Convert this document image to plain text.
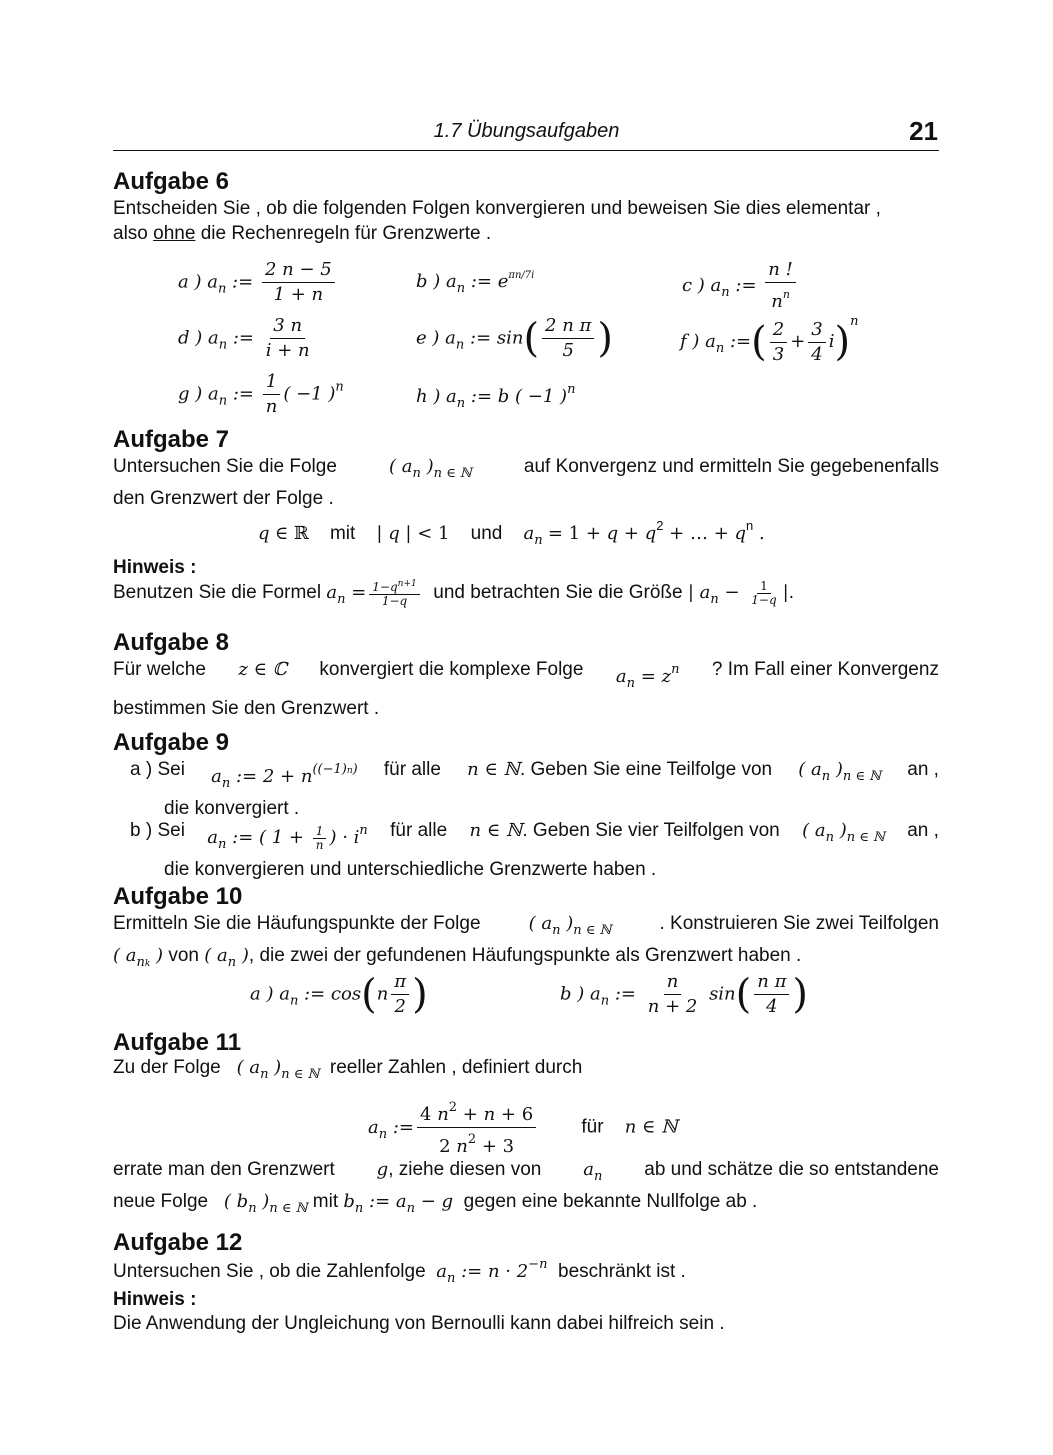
1.7 Übungsaufgaben	21
Aufgabe 6
Entscheiden Sie , ob die folgenden Folgen konvergieren und beweisen Sie dies elementar ,
also ohne die Rechenregeln für Grenzwerte .
a ) $a_n$ := $\frac{2 n - 5}{1 + n}$	b ) $a_n$ := $e^{\pi n/7i}$	c ) $a_n$ := $\frac{n !}{n^n}$
d ) $a_n$ := $\frac{3 n}{i + n}$	e ) $a_n$ := $\sin( \frac{\text{2 n π}}{5}$ )	f ) $a_n$ :=( $\frac{2}{3} + \frac{3}{4} i)^n$
g ) $a_n$ := $\frac{1}{n}$ ( −1 )$^n$	h ) $a_n$ := b ( −1 )$^n$
Aufgabe 7
Untersuchen Sie die Folge	( $a_n$ )$_{n \in ℕ}$	auf Konvergenz und ermitteln Sie gegebenenfalls
den Grenzwert der Folge .
q ∈ ℝ mit | q | < 1 und $a_n = 1 + q + q^2$ + … + $q^n$ .
Hinweis :
Benutzen Sie die Formel $a_n = \frac{1-q^{n+1}}{1-q}$ und betrachten Sie die Größe | $a_n - \frac{1}{1-q}$ |.
Aufgabe 8
Für welche z ∈ ℂ konvergiert die komplexe Folge $a_n = z^n$ ? Im Fall einer Konvergenz
bestimmen Sie den Grenzwert .
Aufgabe 9
a ) Sei $a_n$ := $2 + n^{((-1)n)}$ für alle n ∈ ℕ. Geben Sie eine Teilfolge von ( $a_n$ )$_{n \in ℕ}$ an ,
die konvergiert .
b ) Sei $a_n$ := ( $1 + \frac{1}{n}$ ) · $i^n$ für alle n ∈ ℕ. Geben Sie vier Teilfolgen von ( $a_n$ )$_{n \in ℕ}$ an ,
die konvergieren und unterschiedliche Grenzwerte haben .
Aufgabe 10
Ermitteln Sie die Häufungspunkte der Folge	( $a_n$ )$_{n \in ℕ}$	. Konstruieren Sie zwei Teilfolgen
( $a_{nk}$ ) von ( $a_n$ ), die zwei der gefundenen Häufungspunkte als Grenzwert haben .
a ) $a_n$ := $\cos(n \frac{\pi}{2}$ )	b ) $a_n$ := $\frac{n}{n + 2} \sin( \frac{\text{n π}}{4}$ )
Aufgabe 11
Zu der Folge ( $a_n$ )$_{n \in ℕ}$ reeller Zahlen , definiert durch
$a_n$ := $\frac{4 n^2 + n + 6}{2 n^2 + 3}$ für n ∈ ℕ
errate man den Grenzwert g, ziehe diesen von $a_n$ ab und schätze die so entstandene
neue Folge ( $b_n$ )$_{n \in ℕ}$ mit $b_n$ := $a_n - g$ gegen eine bekannte Nullfolge ab .
Aufgabe 12
Untersuchen Sie , ob die Zahlenfolge $a_n$ := $n \cdot 2^{-n}$ beschränkt ist .
Hinweis :
Die Anwendung der Ungleichung von Bernoulli kann dabei hilfreich sein .
